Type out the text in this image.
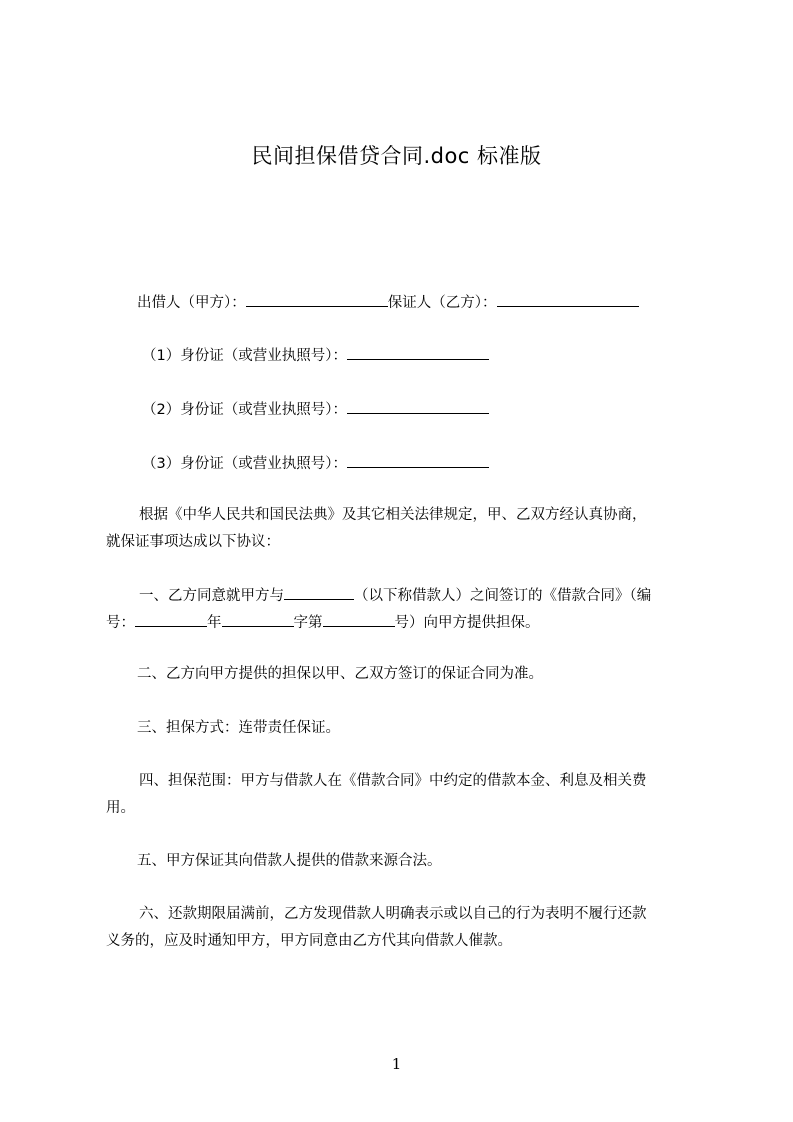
民间担保借贷合同.doc 标准版
出借人（甲方）：	保证人（乙方）：
（1）身份证（或营业执照号）：
（2）身份证（或营业执照号）：
（3）身份证（或营业执照号）：
根据《中华人民共和国民法典》及其它相关法律规定，甲、乙双方经认真协商，
就保证事项达成以下协议：
一、乙方同意就甲方与	（以下称借款人）之间签订的《借款合同》（编
号：	年	字第	号）向甲方提供担保。
二、乙方向甲方提供的担保以甲、乙双方签订的保证合同为准。
三、担保方式：连带责任保证。
四、担保范围：甲方与借款人在《借款合同》中约定的借款本金、利息及相关费
用。
五、甲方保证其向借款人提供的借款来源合法。
六、还款期限届满前，乙方发现借款人明确表示或以自己的行为表明不履行还款
义务的，应及时通知甲方，甲方同意由乙方代其向借款人催款。
1
